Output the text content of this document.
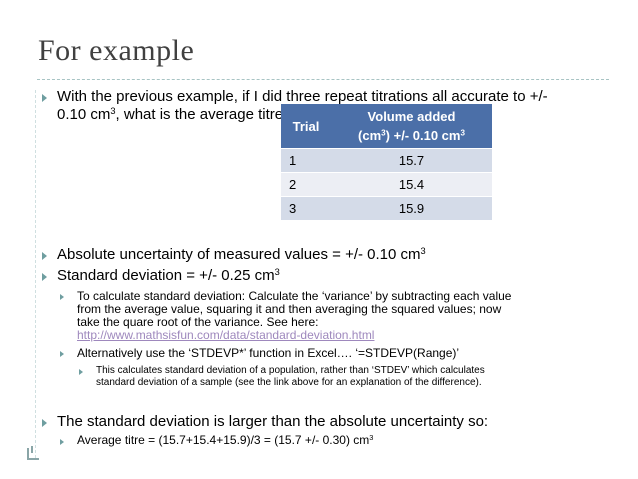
For example

With the previous example, if I did three repeat titrations all accurate to +/-

0.10 $cm^3$, what is the average titre?

Trial	Volume added
$(cm^3)$ +/- 0.10 $cm^3$
1	15.7
2	15.4
3	15.9

Absolute uncertainty of measured values = +/- 0.10 $cm^3$

Standard deviation = +/- 0.25 $cm^3$

To calculate standard deviation: Calculate the ‘variance’ by subtracting each value

from the average value, squaring it and then averaging the squared values; now

take the quare root of the variance. See here:

http://www.mathsisfun.com/data/standard-deviation.html

Alternatively use the ‘STDEVP*’ function in Excel…. ‘=STDEVP(Range)’

This calculates standard deviation of a population, rather than ‘STDEV’ which calculates

standard deviation of a sample (see the link above for an explanation of the difference).

The standard deviation is larger than the absolute uncertainty so:

Average titre = (15.7+15.4+15.9)/3 = (15.7 +/- 0.30) $cm^3$
